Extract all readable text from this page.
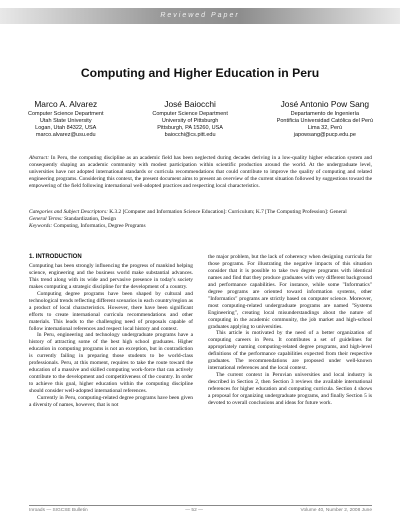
Reviewed Paper
Computing and Higher Education in Peru
Marco A. Alvarez
Computer Science Department
Utah State University
Logan, Utah 84322, USA
marco.alvarez@usu.edu
José Baiocchi
Computer Science Department
University of Pittsburgh
Pittsburgh, PA 15260, USA
baiocchi@cs.pitt.edu
José Antonio Pow Sang
Departamento de Ingeniería
Pontificia Universidad Católica del Perú
Lima 32, Perú
japowsang@pucp.edu.pe
Abstract: In Peru, the computing discipline as an academic field has been neglected during decades deriving in a low-quality higher education system and consequently shaping an academic community with modest participation within scientific production around the world. At the undergraduate level, universities have not adopted international standards or curricula recommendations that could contribute to improve the quality of computing and related engineering programs. Considering this context, the present document aims to present an overview of the current situation followed by suggestions toward the empowering of the field following international well-adopted practices and respecting local characteristics.
Categories and Subject Descriptors: K.3.2 [Computer and Information Science Education]: Curriculum; K.7 [The Computing Profession]: General
General Terms: Standardization, Design
Keywords: Computing, Informatics, Degree Programs
1. INTRODUCTION

Computing has been strongly influencing the progress of mankind helping science, engineering and the business world make substantial advances. This trend along with its wide and pervasive presence in today's society makes computing a strategic discipline for the development of a country.

Computing degree programs have been shaped by cultural and technological trends reflecting different scenarios in each country/region as a product of local characteristics. However, there have been significant efforts to create international curricula recommendations and other materials. This leads to the challenging need of proposals capable of follow international references and respect local history and context.

In Peru, engineering and technology undergraduate programs have a history of attracting some of the best high school graduates. Higher education in computing programs is not an exception, but in contradiction is currently failing in preparing those students to be world-class professionals. Peru, at this moment, requires to take the route toward the education of a massive and skilled computing work-force that can actively contribute to the development and competitiveness of the country. In order to achieve this goal, higher education within the computing discipline should consider well-adopted international references.

Currently in Peru, computing-related degree programs have been given a diversity of names, however, that is not

the major problem, but the lack of coherency when designing curricula for those programs. For illustrating the negative impacts of this situation consider that it is possible to take two degree programs with identical names and find that they produce graduates with very different background and performance capabilities. For instance, while some "Informatics" degree programs are oriented toward information systems, other "Informatics" programs are strictly based on computer science. Moreover, most computing-related undergraduate programs are named "Systems Engineering", creating local misunderstandings about the nature of computing in the academic community, the job market and high-school graduates applying to universities.

This article is motivated by the need of a better organization of computing careers in Peru. It contributes a set of guidelines for appropriately naming computing-related degree programs, and high-level definitions of the performance capabilities expected from their respective graduates. The recommendations are proposed under well-known international references and the local context.

The current context in Peruvian universities and local industry is described in Section 2, then Section 3 reviews the available international references for higher education and computing curricula. Section 4 shows a proposal for organizing undergraduate programs, and finally Section 5 is devoted to overall conclusions and ideas for future work.

Inroads — SIGCSE Bulletin	— 52 —	Volume 40, Number 2, 2008 June
